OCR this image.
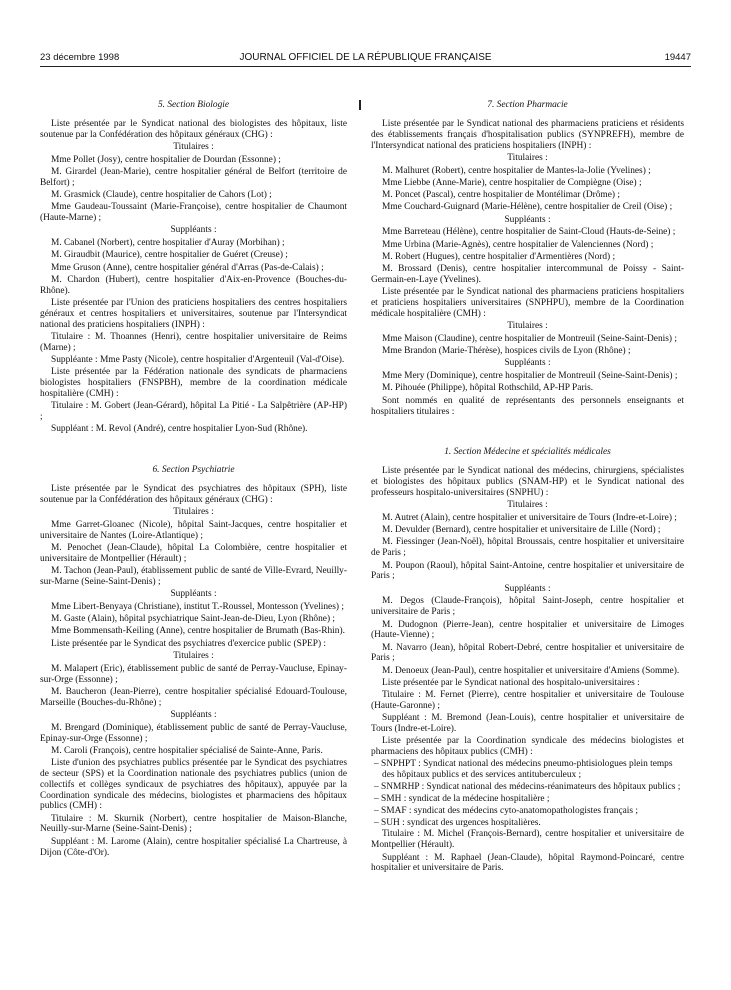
23 décembre 1998	JOURNAL OFFICIEL DE LA RÉPUBLIQUE FRANÇAISE	19447
5. Section Biologie
Liste présentée par le Syndicat national des biologistes des hôpitaux, liste soutenue par la Confédération des hôpitaux généraux (CHG) :
Titulaires :
Mme Pollet (Josy), centre hospitalier de Dourdan (Essonne) ;
M. Girardel (Jean-Marie), centre hospitalier général de Belfort (territoire de Belfort) ;
M. Grasmick (Claude), centre hospitalier de Cahors (Lot) ;
Mme Gaudeau-Toussaint (Marie-Françoise), centre hospitalier de Chaumont (Haute-Marne) ;
Suppléants :
M. Cabanel (Norbert), centre hospitalier d'Auray (Morbihan) ;
M. Giraudbit (Maurice), centre hospitalier de Guéret (Creuse) ;
Mme Gruson (Anne), centre hospitalier général d'Arras (Pas-de-Calais) ;
M. Chardon (Hubert), centre hospitalier d'Aix-en-Provence (Bouches-du-Rhône).
Liste présentée par l'Union des praticiens hospitaliers des centres hospitaliers généraux et centres hospitaliers et universitaires, soutenue par l'Intersyndicat national des praticiens hospitaliers (INPH) :
Titulaire : M. Thoannes (Henri), centre hospitalier universitaire de Reims (Marne) ;
Suppléante : Mme Pasty (Nicole), centre hospitalier d'Argenteuil (Val-d'Oise).
Liste présentée par la Fédération nationale des syndicats de pharmaciens biologistes hospitaliers (FNSPBH), membre de la coordination médicale hospitalière (CMH) :
Titulaire : M. Gobert (Jean-Gérard), hôpital La Pitié - La Salpêtrière (AP-HP) ;
Suppléant : M. Revol (André), centre hospitalier Lyon-Sud (Rhône).
6. Section Psychiatrie
Liste présentée par le Syndicat des psychiatres des hôpitaux (SPH), liste soutenue par la Confédération des hôpitaux généraux (CHG) :
Titulaires :
Mme Garret-Gloanec (Nicole), hôpital Saint-Jacques, centre hospitalier et universitaire de Nantes (Loire-Atlantique) ;
M. Penochet (Jean-Claude), hôpital La Colombière, centre hospitalier et universitaire de Montpellier (Hérault) ;
M. Tachon (Jean-Paul), établissement public de santé de Ville-Evrard, Neuilly-sur-Marne (Seine-Saint-Denis) ;
Suppléants :
Mme Libert-Benyaya (Christiane), institut T.-Roussel, Montesson (Yvelines) ;
M. Gaste (Alain), hôpital psychiatrique Saint-Jean-de-Dieu, Lyon (Rhône) ;
Mme Bommensath-Keiling (Anne), centre hospitalier de Brumath (Bas-Rhin).
Liste présentée par le Syndicat des psychiatres d'exercice public (SPEP) :
Titulaires :
M. Malapert (Eric), établissement public de santé de Perray-Vaucluse, Epinay-sur-Orge (Essonne) ;
M. Baucheron (Jean-Pierre), centre hospitalier spécialisé Edouard-Toulouse, Marseille (Bouches-du-Rhône) ;
Suppléants :
M. Brengard (Dominique), établissement public de santé de Perray-Vaucluse, Epinay-sur-Orge (Essonne) ;
M. Caroli (François), centre hospitalier spécialisé de Sainte-Anne, Paris.
Liste d'union des psychiatres publics présentée par le Syndicat des psychiatres de secteur (SPS) et la Coordination nationale des psychiatres publics (union de collectifs et collèges syndicaux de psychiatres des hôpitaux), appuyée par la Coordination syndicale des médecins, biologistes et pharmaciens des hôpitaux publics (CMH) :
Titulaire : M. Skurnik (Norbert), centre hospitalier de Maison-Blanche, Neuilly-sur-Marne (Seine-Saint-Denis) ;
Suppléant : M. Larome (Alain), centre hospitalier spécialisé La Chartreuse, à Dijon (Côte-d'Or).
7. Section Pharmacie
Liste présentée par le Syndicat national des pharmaciens praticiens et résidents des établissements français d'hospitalisation publics (SYNPREFH), membre de l'Intersyndicat national des praticiens hospitaliers (INPH) :
Titulaires :
M. Malhuret (Robert), centre hospitalier de Mantes-la-Jolie (Yvelines) ;
Mme Liebbe (Anne-Marie), centre hospitalier de Compiègne (Oise) ;
M. Poncet (Pascal), centre hospitalier de Montélimar (Drôme) ;
Mme Couchard-Guignard (Marie-Hélène), centre hospitalier de Creil (Oise) ;
Suppléants :
Mme Barreteau (Hélène), centre hospitalier de Saint-Cloud (Hauts-de-Seine) ;
Mme Urbina (Marie-Agnès), centre hospitalier de Valenciennes (Nord) ;
M. Robert (Hugues), centre hospitalier d'Armentières (Nord) ;
M. Brossard (Denis), centre hospitalier intercommunal de Poissy - Saint-Germain-en-Laye (Yvelines).
Liste présentée par le Syndicat national des pharmaciens praticiens hospitaliers et praticiens hospitaliers universitaires (SNPHPU), membre de la Coordination médicale hospitalière (CMH) :
Titulaires :
Mme Maison (Claudine), centre hospitalier de Montreuil (Seine-Saint-Denis) ;
Mme Brandon (Marie-Thérèse), hospices civils de Lyon (Rhône) ;
Suppléants :
Mme Mery (Dominique), centre hospitalier de Montreuil (Seine-Saint-Denis) ;
M. Pihouée (Philippe), hôpital Rothschild, AP-HP Paris.
Sont nommés en qualité de représentants des personnels enseignants et hospitaliers titulaires :
1. Section Médecine et spécialités médicales
Liste présentée par le Syndicat national des médecins, chirurgiens, spécialistes et biologistes des hôpitaux publics (SNAM-HP) et le Syndicat national des professeurs hospitalo-universitaires (SNPHU) :
Titulaires :
M. Autret (Alain), centre hospitalier et universitaire de Tours (Indre-et-Loire) ;
M. Devulder (Bernard), centre hospitalier et universitaire de Lille (Nord) ;
M. Fiessinger (Jean-Noël), hôpital Broussais, centre hospitalier et universitaire de Paris ;
M. Poupon (Raoul), hôpital Saint-Antoine, centre hospitalier et universitaire de Paris ;
Suppléants :
M. Degos (Claude-François), hôpital Saint-Joseph, centre hospitalier et universitaire de Paris ;
M. Dudognon (Pierre-Jean), centre hospitalier et universitaire de Limoges (Haute-Vienne) ;
M. Navarro (Jean), hôpital Robert-Debré, centre hospitalier et universitaire de Paris ;
M. Denoeux (Jean-Paul), centre hospitalier et universitaire d'Amiens (Somme).
Liste présentée par le Syndicat national des hospitalo-universitaires :
Titulaire : M. Fernet (Pierre), centre hospitalier et universitaire de Toulouse (Haute-Garonne) ;
Suppléant : M. Bremond (Jean-Louis), centre hospitalier et universitaire de Tours (Indre-et-Loire).
Liste présentée par la Coordination syndicale des médecins biologistes et pharmaciens des hôpitaux publics (CMH) :
– SNPHPT : Syndicat national des médecins pneumo-phtisiologues plein temps des hôpitaux publics et des services antituberculeux ;
– SNMRHP : Syndicat national des médecins-réanimateurs des hôpitaux publics ;
– SMH : syndicat de la médecine hospitalière ;
– SMAF : syndicat des médecins cyto-anatomopathologistes français ;
– SUH : syndicat des urgences hospitalières.
Titulaire : M. Michel (François-Bernard), centre hospitalier et universitaire de Montpellier (Hérault).
Suppléant : M. Raphael (Jean-Claude), hôpital Raymond-Poincaré, centre hospitalier et universitaire de Paris.
